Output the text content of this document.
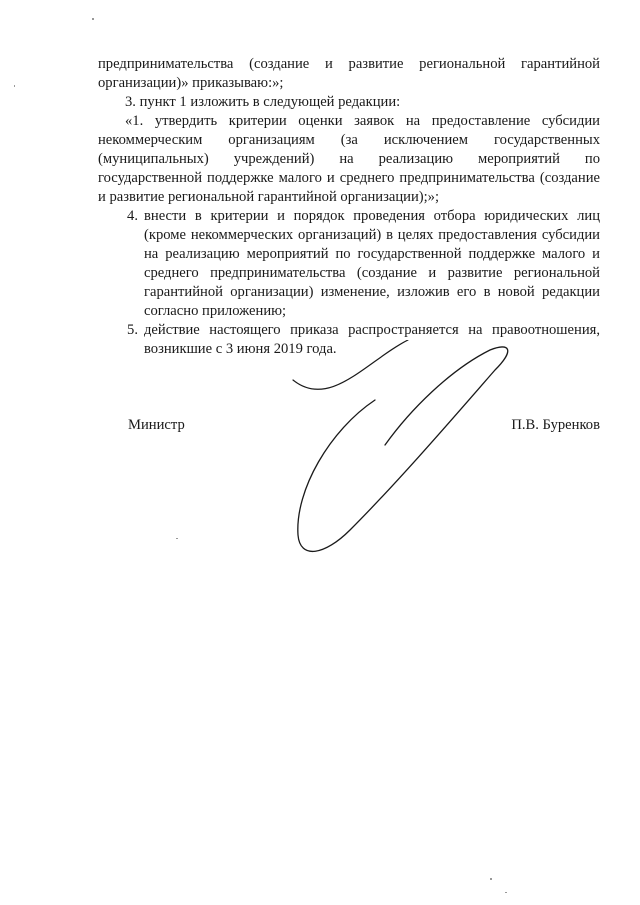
предпринимательства (создание и развитие региональной гарантийной организации)» приказываю:»;

3. пункт 1 изложить в следующей редакции:

«1. утвердить критерии оценки заявок на предоставление субсидии некоммерческим организациям (за исключением государственных (муниципальных) учреждений) на реализацию мероприятий по государственной поддержке малого и среднего предпринимательства (создание и развитие региональной гарантийной организации);»;

4. внести в критерии и порядок проведения отбора юридических лиц (кроме некоммерческих организаций) в целях предоставления субсидии на реализацию мероприятий по государственной поддержке малого и среднего предпринимательства (создание и развитие региональной гарантийной организации) изменение, изложив его в новой редакции согласно приложению;
5. действие настоящего приказа распространяется на правоотношения, возникшие с 3 июня 2019 года.
Министр	П.В. Буренков
